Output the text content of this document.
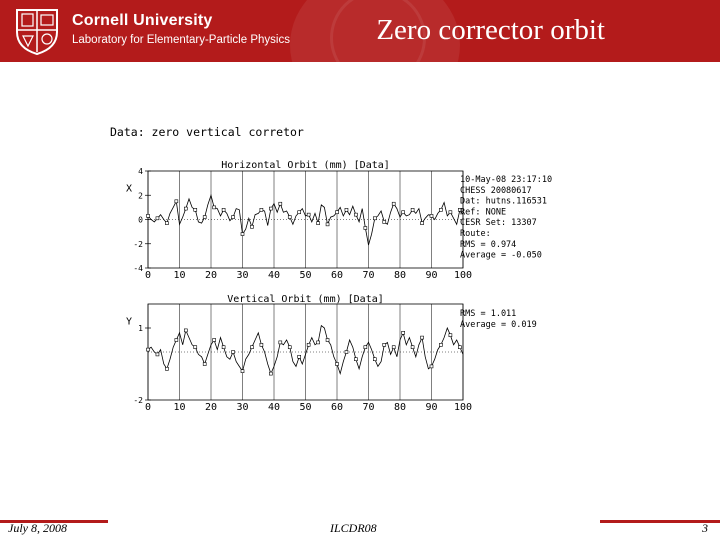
Cornell University
Laboratory for Elementary-Particle Physics	Zero corrector orbit
Data: zero vertical corretor
0 10 20 30 40 50 60 70 80 90 100
4
2
0
-2
-4
X
Horizontal Orbit (mm) [Data]
10-May-08 23:17:10
CHESS 20080617
Dat: hutns.116531
Ref: NONE
CESR Set: 13307
Route:
RMS = 0.974
Average = -0.050
0 10 20 30 40 50 60 70 80 90 100
1
-2
Y
Vertical Orbit (mm) [Data]
RMS = 1.011
Average = 0.019
July 8, 2008	ILCDR08	3
